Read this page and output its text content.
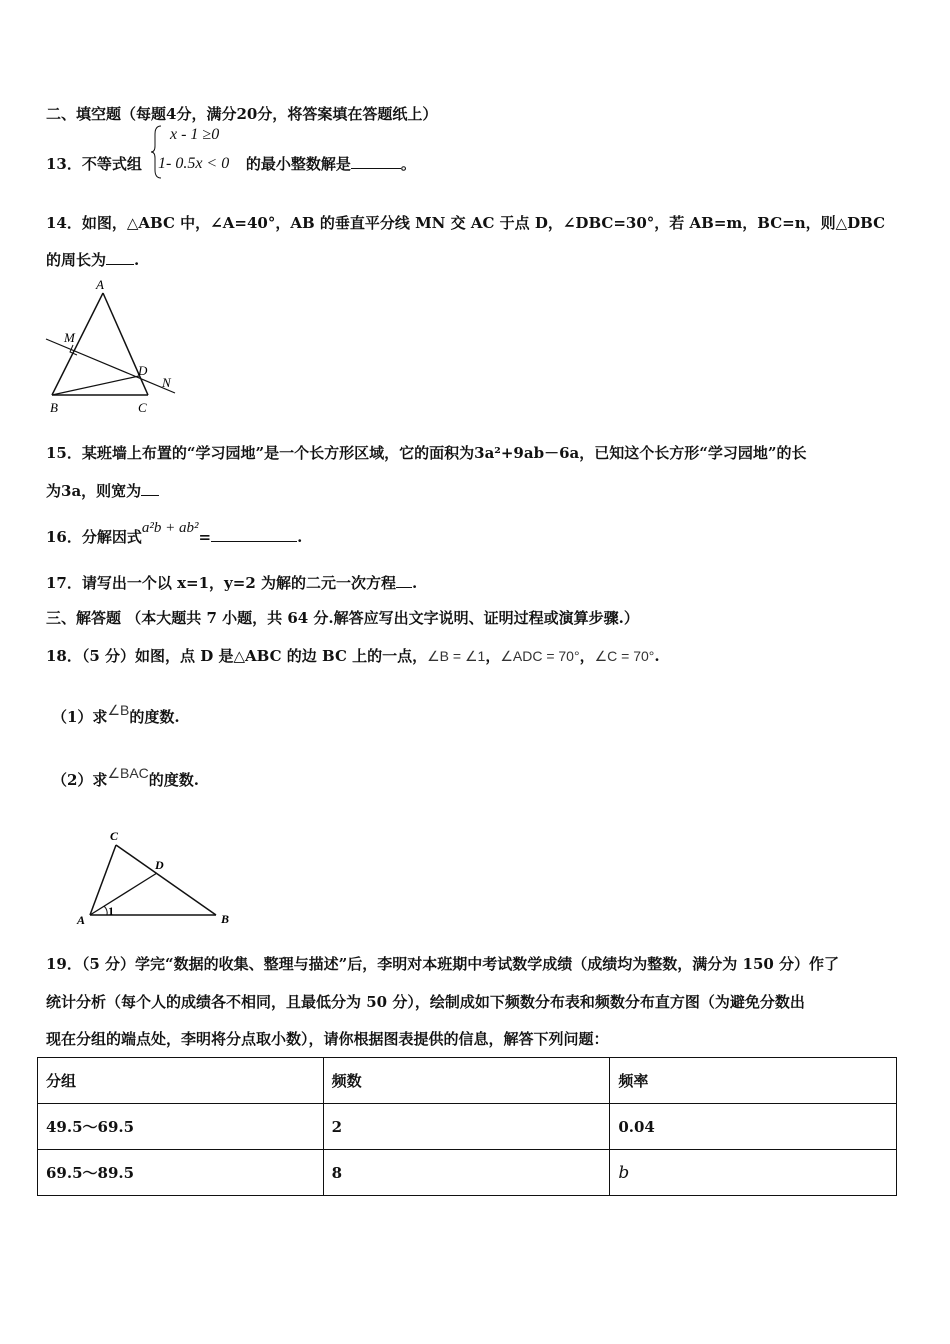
二、填空题（每题4分，满分20分，将答案填在答题纸上）
13．不等式组	的最小整数解是	。
x - 1 ≥0
1- 0.5x < 0
14．如图，△ABC 中，∠A=40°，AB 的垂直平分线 MN 交 AC 于点 D，∠DBC=30°，若 AB=m，BC=n，则△DBC
的周长为 .
A
M
D
N
B	C
15．某班墙上布置的“学习园地”是一个长方形区域，它的面积为3a²+9ab－6a，已知这个长方形“学习园地”的长
为3a，则宽为
16．分解因式a²b + ab²=	.
17．请写出一个以 x=1，y=2 为解的二元一次方程 .
三、解答题 （本大题共 7 小题，共 64 分.解答应写出文字说明、证明过程或演算步骤.）
18．（5 分）如图，点 D 是△ABC 的边 BC 上的一点，∠B = ∠1，∠ADC = 70°，∠C = 70°.
（1）求∠B的度数.
（2）求∠BAC的度数.
C
D
A
1
B
19．（5 分）学完“数据的收集、整理与描述”后，李明对本班期中考试数学成绩（成绩均为整数，满分为 150 分）作了
统计分析（每个人的成绩各不相同，且最低分为 50 分），绘制成如下频数分布表和频数分布直方图（为避免分数出
现在分组的端点处，李明将分点取小数），请你根据图表提供的信息，解答下列问题：
分组	频数	频率
49.5～69.5	2	0.04
69.5～89.5	8	b
